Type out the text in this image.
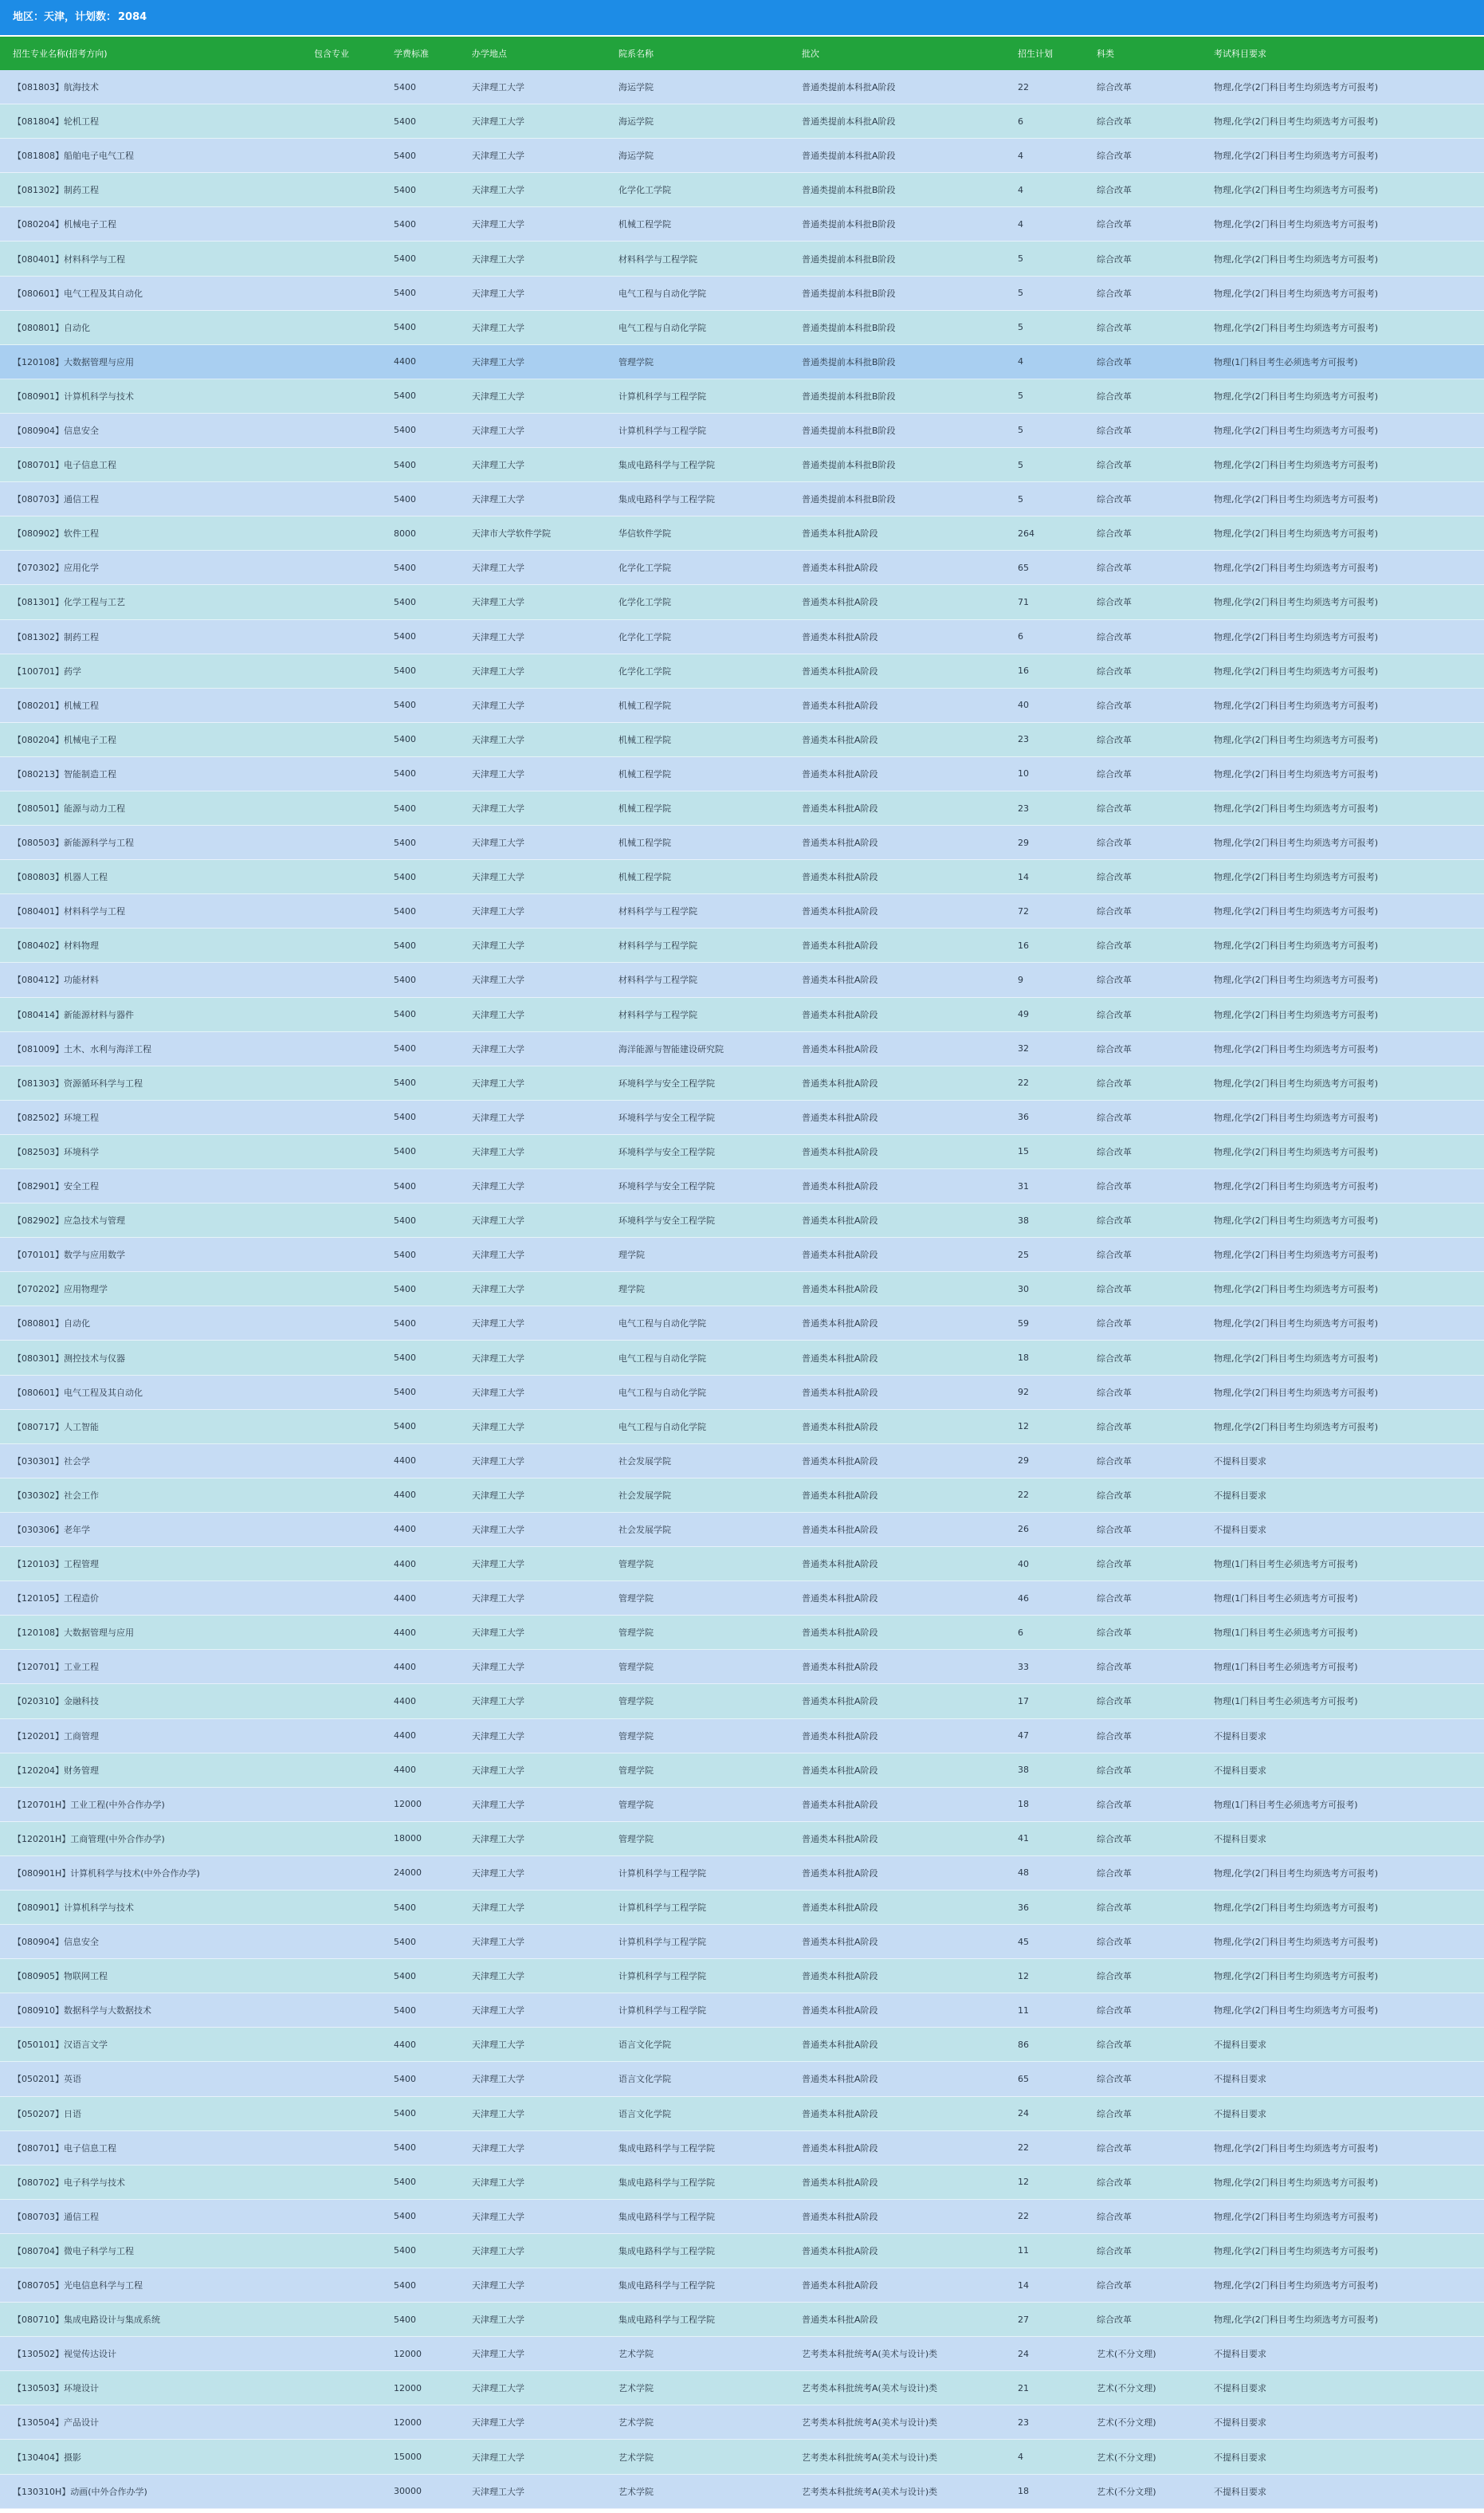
地区：天津，计划数： 2084
招生专业名称(招考方向)	包含专业	学费标准	办学地点	院系名称	批次	招生计划	科类	考试科目要求
【081803】航海技术	5400	天津理工大学	海运学院	普通类提前本科批A阶段	22	综合改革	物理,化学(2门科目考生均须选考方可报考)
【081804】轮机工程	5400	天津理工大学	海运学院	普通类提前本科批A阶段	6	综合改革	物理,化学(2门科目考生均须选考方可报考)
【081808】船舶电子电气工程	5400	天津理工大学	海运学院	普通类提前本科批A阶段	4	综合改革	物理,化学(2门科目考生均须选考方可报考)
【081302】制药工程	5400	天津理工大学	化学化工学院	普通类提前本科批B阶段	4	综合改革	物理,化学(2门科目考生均须选考方可报考)
【080204】机械电子工程	5400	天津理工大学	机械工程学院	普通类提前本科批B阶段	4	综合改革	物理,化学(2门科目考生均须选考方可报考)
【080401】材料科学与工程	5400	天津理工大学	材料科学与工程学院	普通类提前本科批B阶段	5	综合改革	物理,化学(2门科目考生均须选考方可报考)
【080601】电气工程及其自动化	5400	天津理工大学	电气工程与自动化学院	普通类提前本科批B阶段	5	综合改革	物理,化学(2门科目考生均须选考方可报考)
【080801】自动化	5400	天津理工大学	电气工程与自动化学院	普通类提前本科批B阶段	5	综合改革	物理,化学(2门科目考生均须选考方可报考)
【120108】大数据管理与应用	4400	天津理工大学	管理学院	普通类提前本科批B阶段	4	综合改革	物理(1门科目考生必须选考方可报考)
【080901】计算机科学与技术	5400	天津理工大学	计算机科学与工程学院	普通类提前本科批B阶段	5	综合改革	物理,化学(2门科目考生均须选考方可报考)
【080904】信息安全	5400	天津理工大学	计算机科学与工程学院	普通类提前本科批B阶段	5	综合改革	物理,化学(2门科目考生均须选考方可报考)
【080701】电子信息工程	5400	天津理工大学	集成电路科学与工程学院	普通类提前本科批B阶段	5	综合改革	物理,化学(2门科目考生均须选考方可报考)
【080703】通信工程	5400	天津理工大学	集成电路科学与工程学院	普通类提前本科批B阶段	5	综合改革	物理,化学(2门科目考生均须选考方可报考)
【080902】软件工程	8000	天津市大学软件学院	华信软件学院	普通类本科批A阶段	264	综合改革	物理,化学(2门科目考生均须选考方可报考)
【070302】应用化学	5400	天津理工大学	化学化工学院	普通类本科批A阶段	65	综合改革	物理,化学(2门科目考生均须选考方可报考)
【081301】化学工程与工艺	5400	天津理工大学	化学化工学院	普通类本科批A阶段	71	综合改革	物理,化学(2门科目考生均须选考方可报考)
【081302】制药工程	5400	天津理工大学	化学化工学院	普通类本科批A阶段	6	综合改革	物理,化学(2门科目考生均须选考方可报考)
【100701】药学	5400	天津理工大学	化学化工学院	普通类本科批A阶段	16	综合改革	物理,化学(2门科目考生均须选考方可报考)
【080201】机械工程	5400	天津理工大学	机械工程学院	普通类本科批A阶段	40	综合改革	物理,化学(2门科目考生均须选考方可报考)
【080204】机械电子工程	5400	天津理工大学	机械工程学院	普通类本科批A阶段	23	综合改革	物理,化学(2门科目考生均须选考方可报考)
【080213】智能制造工程	5400	天津理工大学	机械工程学院	普通类本科批A阶段	10	综合改革	物理,化学(2门科目考生均须选考方可报考)
【080501】能源与动力工程	5400	天津理工大学	机械工程学院	普通类本科批A阶段	23	综合改革	物理,化学(2门科目考生均须选考方可报考)
【080503】新能源科学与工程	5400	天津理工大学	机械工程学院	普通类本科批A阶段	29	综合改革	物理,化学(2门科目考生均须选考方可报考)
【080803】机器人工程	5400	天津理工大学	机械工程学院	普通类本科批A阶段	14	综合改革	物理,化学(2门科目考生均须选考方可报考)
【080401】材料科学与工程	5400	天津理工大学	材料科学与工程学院	普通类本科批A阶段	72	综合改革	物理,化学(2门科目考生均须选考方可报考)
【080402】材料物理	5400	天津理工大学	材料科学与工程学院	普通类本科批A阶段	16	综合改革	物理,化学(2门科目考生均须选考方可报考)
【080412】功能材料	5400	天津理工大学	材料科学与工程学院	普通类本科批A阶段	9	综合改革	物理,化学(2门科目考生均须选考方可报考)
【080414】新能源材料与器件	5400	天津理工大学	材料科学与工程学院	普通类本科批A阶段	49	综合改革	物理,化学(2门科目考生均须选考方可报考)
【081009】土木、水利与海洋工程	5400	天津理工大学	海洋能源与智能建设研究院	普通类本科批A阶段	32	综合改革	物理,化学(2门科目考生均须选考方可报考)
【081303】资源循环科学与工程	5400	天津理工大学	环境科学与安全工程学院	普通类本科批A阶段	22	综合改革	物理,化学(2门科目考生均须选考方可报考)
【082502】环境工程	5400	天津理工大学	环境科学与安全工程学院	普通类本科批A阶段	36	综合改革	物理,化学(2门科目考生均须选考方可报考)
【082503】环境科学	5400	天津理工大学	环境科学与安全工程学院	普通类本科批A阶段	15	综合改革	物理,化学(2门科目考生均须选考方可报考)
【082901】安全工程	5400	天津理工大学	环境科学与安全工程学院	普通类本科批A阶段	31	综合改革	物理,化学(2门科目考生均须选考方可报考)
【082902】应急技术与管理	5400	天津理工大学	环境科学与安全工程学院	普通类本科批A阶段	38	综合改革	物理,化学(2门科目考生均须选考方可报考)
【070101】数学与应用数学	5400	天津理工大学	理学院	普通类本科批A阶段	25	综合改革	物理,化学(2门科目考生均须选考方可报考)
【070202】应用物理学	5400	天津理工大学	理学院	普通类本科批A阶段	30	综合改革	物理,化学(2门科目考生均须选考方可报考)
【080801】自动化	5400	天津理工大学	电气工程与自动化学院	普通类本科批A阶段	59	综合改革	物理,化学(2门科目考生均须选考方可报考)
【080301】测控技术与仪器	5400	天津理工大学	电气工程与自动化学院	普通类本科批A阶段	18	综合改革	物理,化学(2门科目考生均须选考方可报考)
【080601】电气工程及其自动化	5400	天津理工大学	电气工程与自动化学院	普通类本科批A阶段	92	综合改革	物理,化学(2门科目考生均须选考方可报考)
【080717】人工智能	5400	天津理工大学	电气工程与自动化学院	普通类本科批A阶段	12	综合改革	物理,化学(2门科目考生均须选考方可报考)
【030301】社会学	4400	天津理工大学	社会发展学院	普通类本科批A阶段	29	综合改革	不提科目要求
【030302】社会工作	4400	天津理工大学	社会发展学院	普通类本科批A阶段	22	综合改革	不提科目要求
【030306】老年学	4400	天津理工大学	社会发展学院	普通类本科批A阶段	26	综合改革	不提科目要求
【120103】工程管理	4400	天津理工大学	管理学院	普通类本科批A阶段	40	综合改革	物理(1门科目考生必须选考方可报考)
【120105】工程造价	4400	天津理工大学	管理学院	普通类本科批A阶段	46	综合改革	物理(1门科目考生必须选考方可报考)
【120108】大数据管理与应用	4400	天津理工大学	管理学院	普通类本科批A阶段	6	综合改革	物理(1门科目考生必须选考方可报考)
【120701】工业工程	4400	天津理工大学	管理学院	普通类本科批A阶段	33	综合改革	物理(1门科目考生必须选考方可报考)
【020310】金融科技	4400	天津理工大学	管理学院	普通类本科批A阶段	17	综合改革	物理(1门科目考生必须选考方可报考)
【120201】工商管理	4400	天津理工大学	管理学院	普通类本科批A阶段	47	综合改革	不提科目要求
【120204】财务管理	4400	天津理工大学	管理学院	普通类本科批A阶段	38	综合改革	不提科目要求
【120701H】工业工程(中外合作办学)	12000	天津理工大学	管理学院	普通类本科批A阶段	18	综合改革	物理(1门科目考生必须选考方可报考)
【120201H】工商管理(中外合作办学)	18000	天津理工大学	管理学院	普通类本科批A阶段	41	综合改革	不提科目要求
【080901H】计算机科学与技术(中外合作办学)	24000	天津理工大学	计算机科学与工程学院	普通类本科批A阶段	48	综合改革	物理,化学(2门科目考生均须选考方可报考)
【080901】计算机科学与技术	5400	天津理工大学	计算机科学与工程学院	普通类本科批A阶段	36	综合改革	物理,化学(2门科目考生均须选考方可报考)
【080904】信息安全	5400	天津理工大学	计算机科学与工程学院	普通类本科批A阶段	45	综合改革	物理,化学(2门科目考生均须选考方可报考)
【080905】物联网工程	5400	天津理工大学	计算机科学与工程学院	普通类本科批A阶段	12	综合改革	物理,化学(2门科目考生均须选考方可报考)
【080910】数据科学与大数据技术	5400	天津理工大学	计算机科学与工程学院	普通类本科批A阶段	11	综合改革	物理,化学(2门科目考生均须选考方可报考)
【050101】汉语言文学	4400	天津理工大学	语言文化学院	普通类本科批A阶段	86	综合改革	不提科目要求
【050201】英语	5400	天津理工大学	语言文化学院	普通类本科批A阶段	65	综合改革	不提科目要求
【050207】日语	5400	天津理工大学	语言文化学院	普通类本科批A阶段	24	综合改革	不提科目要求
【080701】电子信息工程	5400	天津理工大学	集成电路科学与工程学院	普通类本科批A阶段	22	综合改革	物理,化学(2门科目考生均须选考方可报考)
【080702】电子科学与技术	5400	天津理工大学	集成电路科学与工程学院	普通类本科批A阶段	12	综合改革	物理,化学(2门科目考生均须选考方可报考)
【080703】通信工程	5400	天津理工大学	集成电路科学与工程学院	普通类本科批A阶段	22	综合改革	物理,化学(2门科目考生均须选考方可报考)
【080704】微电子科学与工程	5400	天津理工大学	集成电路科学与工程学院	普通类本科批A阶段	11	综合改革	物理,化学(2门科目考生均须选考方可报考)
【080705】光电信息科学与工程	5400	天津理工大学	集成电路科学与工程学院	普通类本科批A阶段	14	综合改革	物理,化学(2门科目考生均须选考方可报考)
【080710】集成电路设计与集成系统	5400	天津理工大学	集成电路科学与工程学院	普通类本科批A阶段	27	综合改革	物理,化学(2门科目考生均须选考方可报考)
【130502】视觉传达设计	12000	天津理工大学	艺术学院	艺考类本科批统考A(美术与设计)类	24	艺术(不分文理)	不提科目要求
【130503】环境设计	12000	天津理工大学	艺术学院	艺考类本科批统考A(美术与设计)类	21	艺术(不分文理)	不提科目要求
【130504】产品设计	12000	天津理工大学	艺术学院	艺考类本科批统考A(美术与设计)类	23	艺术(不分文理)	不提科目要求
【130404】摄影	15000	天津理工大学	艺术学院	艺考类本科批统考A(美术与设计)类	4	艺术(不分文理)	不提科目要求
【130310H】动画(中外合作办学)	30000	天津理工大学	艺术学院	艺考类本科批统考A(美术与设计)类	18	艺术(不分文理)	不提科目要求
